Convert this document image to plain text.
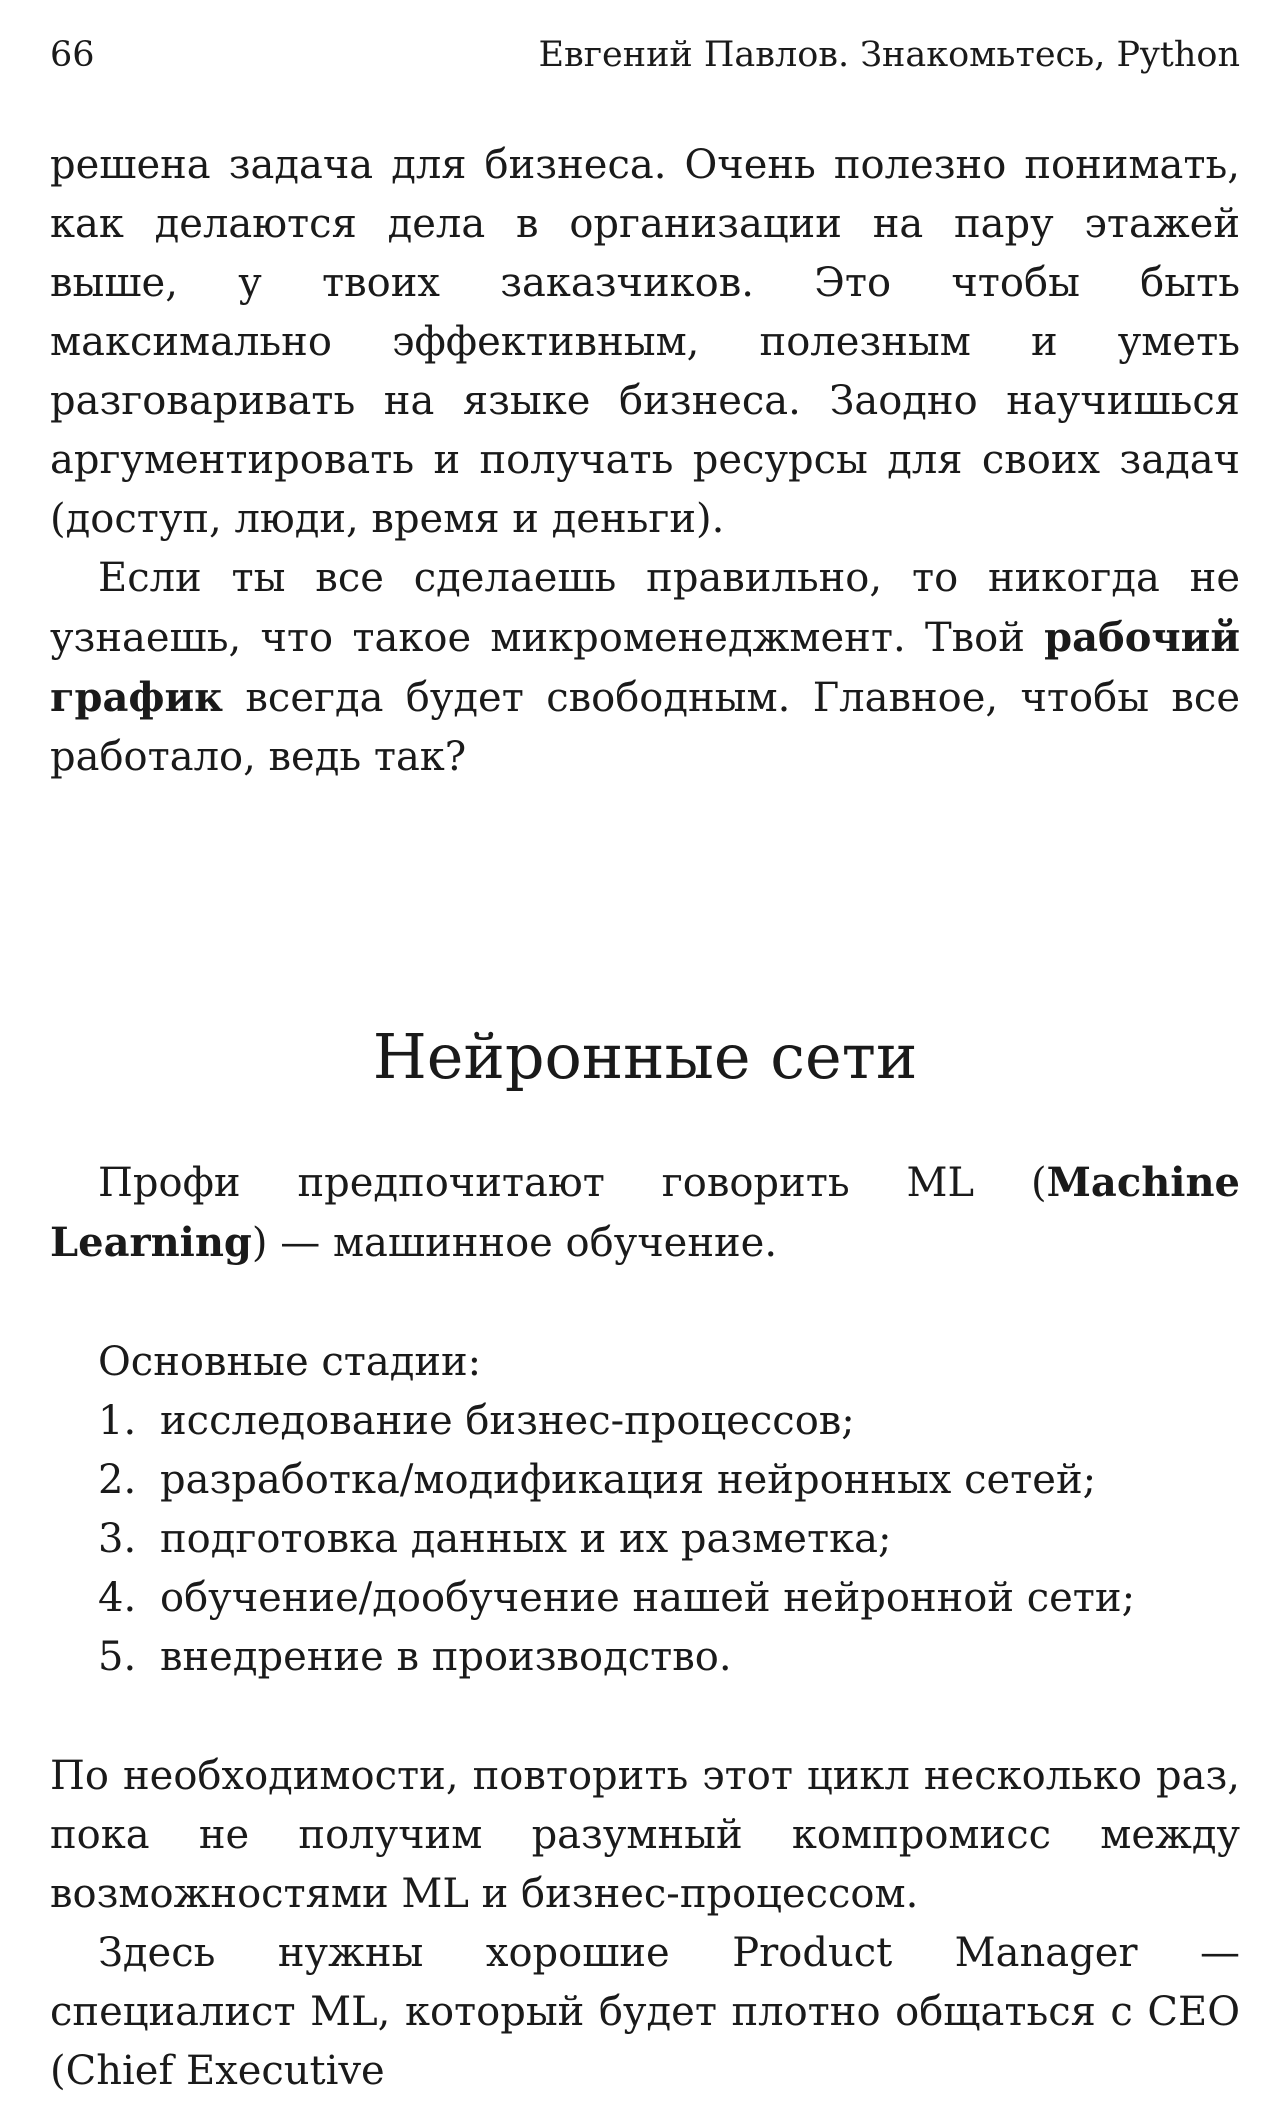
66	Евгений Павлов. Знакомьтесь, Python

решена задача для бизнеса. Очень полезно понимать, как делаются дела в организации на пару этажей выше, у твоих заказчиков. Это чтобы быть максимально эффективным, полезным и уметь разговаривать на языке бизнеса. Заодно научишься аргументировать и получать ресурсы для своих задач (доступ, люди, время и деньги).

Если ты все сделаешь правильно, то никогда не узнаешь, что такое микроменеджмент. Твой рабочий график всегда будет свободным. Главное, чтобы все работало, ведь так?

Нейронные сети

Профи предпочитают говорить ML (Machine Learning) — машинное обучение.

Основные стадии:
1. исследование бизнес-процессов;
2. разработка/модификация нейронных сетей;
3. подготовка данных и их разметка;
4. обучение/дообучение нашей нейронной сети;
5. внедрение в производство.

По необходимости, повторить этот цикл несколько раз, пока не получим разумный компромисс между возможностями ML и бизнес-процессом.

Здесь нужны хорошие Product Manager — специалист ML, который будет плотно общаться с CEO (Chief Executive
